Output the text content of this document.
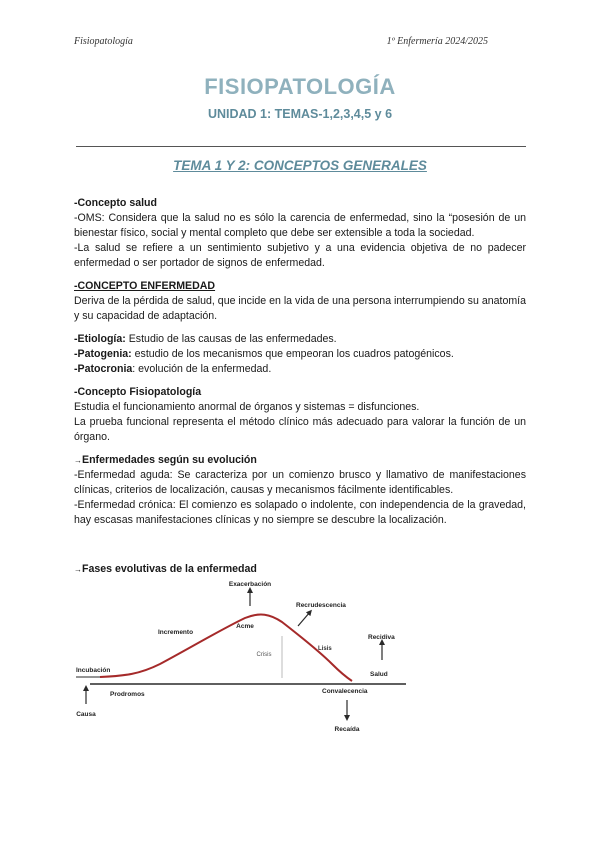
Fisiopatología	1º Enfermería 2024/2025
FISIOPATOLOGÍA
UNIDAD 1: TEMAS-1,2,3,4,5 y 6
TEMA 1 Y 2: CONCEPTOS GENERALES

-Concepto salud

-OMS: Considera que la salud no es sólo la carencia de enfermedad, sino la “posesión de un bienestar físico, social y mental completo que debe ser extensible a toda la sociedad.

-La salud se refiere a un sentimiento subjetivo y a una evidencia objetiva de no padecer enfermedad o ser portador de signos de enfermedad.

-CONCEPTO ENFERMEDAD

Deriva de la pérdida de salud, que incide en la vida de una persona interrumpiendo su anatomía y su capacidad de adaptación.

-Etiología: Estudio de las causas de las enfermedades.

-Patogenia: estudio de los mecanismos que empeoran los cuadros patogénicos.

-Patocronia: evolución de la enfermedad.

-Concepto Fisiopatología

Estudia el funcionamiento anormal de órganos y sistemas = disfunciones.

La prueba funcional representa el método clínico más adecuado para valorar la función de un órgano.

→Enfermedades según su evolución

-Enfermedad aguda: Se caracteriza por un comienzo brusco y llamativo de manifestaciones clínicas, criterios de localización, causas y mecanismos fácilmente identificables.

-Enfermedad crónica: El comienzo es solapado o indolente, con independencia de la gravedad, hay escasas manifestaciones clínicas y no siempre se descubre la localización.

→Fases evolutivas de la enfermedad
Exacerbación
Recrudescencia
Incremento
Acme
Crisis
Lisis
Recidiva
Salud
Incubación
Prodromos	Convalecencia
Causa
Recaída
